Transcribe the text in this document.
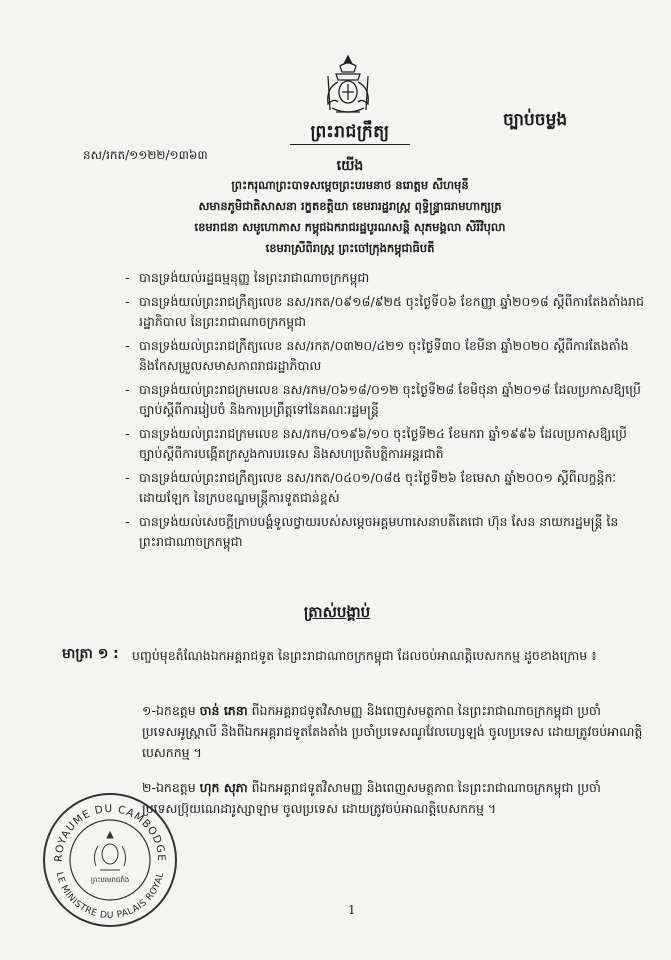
ព្រះរាជក្រឹត្យ
ច្បាប់ចម្លង
នស/រកត/១១២២/១៣៦៣
យើង
ព្រះករុណាព្រះបាទសម្តេចព្រះបរមនាថ នរោត្តម សីហមុនី
សមានភូមិជាតិសាសនា រក្ខតខត្តិយា ខេមរារដ្ឋរាស្ត្រ ពុទ្ធិន្ទ្រាធរាមហាក្សត្រ
ខេមរាជនា សមូហោភាស កម្ពុជឯករាជរដ្ឋបូរណសន្តិ សុភមង្គលា សិរីវិបុលា
ខេមរាស្រីពិរាស្ត្រ ព្រះចៅក្រុងកម្ពុជាធិបតី
- បានទ្រង់យល់រដ្ឋធម្មនុញ្ញ នៃព្រះរាជាណាចក្រកម្ពុជា
- បានទ្រង់យល់ព្រះរាជក្រឹត្យលេខ នស/រកត/០៩១៨/៩២៥ ចុះថ្ងៃទី០៦ ខែកញ្ញា ឆ្នាំ២០១៨ ស្តីពីការតែងតាំងរាជរដ្ឋាភិបាល នៃព្រះរាជាណាចក្រកម្ពុជា
- បានទ្រង់យល់ព្រះរាជក្រឹត្យលេខ នស/រកត/០៣២០/៤២១ ចុះថ្ងៃទី៣០ ខែមីនា ឆ្នាំ២០២០ ស្តីពីការតែងតាំង និងកែសម្រួលសមាសភាពរាជរដ្ឋាភិបាល
- បានទ្រង់យល់ព្រះរាជក្រមលេខ នស/រកម/០៦១៨/០១២ ចុះថ្ងៃទី២៨ ខែមិថុនា ឆ្នាំ២០១៨ ដែលប្រកាសឱ្យប្រើច្បាប់ស្តីពីការរៀបចំ និងការប្រព្រឹត្តទៅនៃគណៈរដ្ឋមន្ត្រី
- បានទ្រង់យល់ព្រះរាជក្រមលេខ នស/រកម/០១៩៦/១០ ចុះថ្ងៃទី២៤ ខែមករា ឆ្នាំ១៩៩៦ ដែលប្រកាសឱ្យប្រើច្បាប់ស្តីពីការបង្កើតក្រសួងការបរទេស និងសហប្រតិបត្តិការអន្តរជាតិ
- បានទ្រង់យល់ព្រះរាជក្រឹត្យលេខ នស/រកត/០៤០១/០៨៥ ចុះថ្ងៃទី២៦ ខែមេសា ឆ្នាំ២០០១ ស្តីពីលក្ខន្តិកៈដោយឡែក នៃក្របខណ្ឌមន្ត្រីការទូតជាន់ខ្ពស់
- បានទ្រង់យល់សេចក្តីក្រាបបង្គំទូលថ្វាយរបស់សម្តេចអគ្គមហាសេនាបតីតេជោ ហ៊ុន សែន នាយករដ្ឋមន្ត្រី នៃព្រះរាជាណាចក្រកម្ពុជា
ត្រាស់បង្គាប់
មាត្រា ១ :	បញ្ចប់មុខតំណែងឯកអគ្គរាជទូត នៃព្រះរាជាណាចក្រកម្ពុជា ដែលចប់អាណត្តិបេសកកម្ម ដូចខាងក្រោម ៖
១-ឯកឧត្តម ចាន់ ភេនា ពីឯកអគ្គរាជទូតវិសាមញ្ញ និងពេញសមត្ថភាព នៃព្រះរាជាណាចក្រកម្ពុជា ប្រចាំប្រទេសអូស្ត្រាលី និងពីឯកអគ្គរាជទូតតែងតាំង ប្រចាំប្រទេសណូវែលហ្សេឡង់ ចូលប្រទេស ដោយត្រូវចប់អាណត្តិបេសកកម្ម ។
២-ឯកឧត្តម ហុក សុភា ពីឯកអគ្គរាជទូតវិសាមញ្ញ និងពេញសមត្ថភាព នៃព្រះរាជាណាចក្រកម្ពុជា ប្រចាំប្រទេសប៊្រុយណេដារូស្សាឡាម ចូលប្រទេស ដោយត្រូវចប់អាណត្តិបេសកកម្ម ។
ROYAUME DU CAMBODGE
LE MINISTRE DU PALAIS ROYAL
ព្រះបរមរាជវាំង
1
